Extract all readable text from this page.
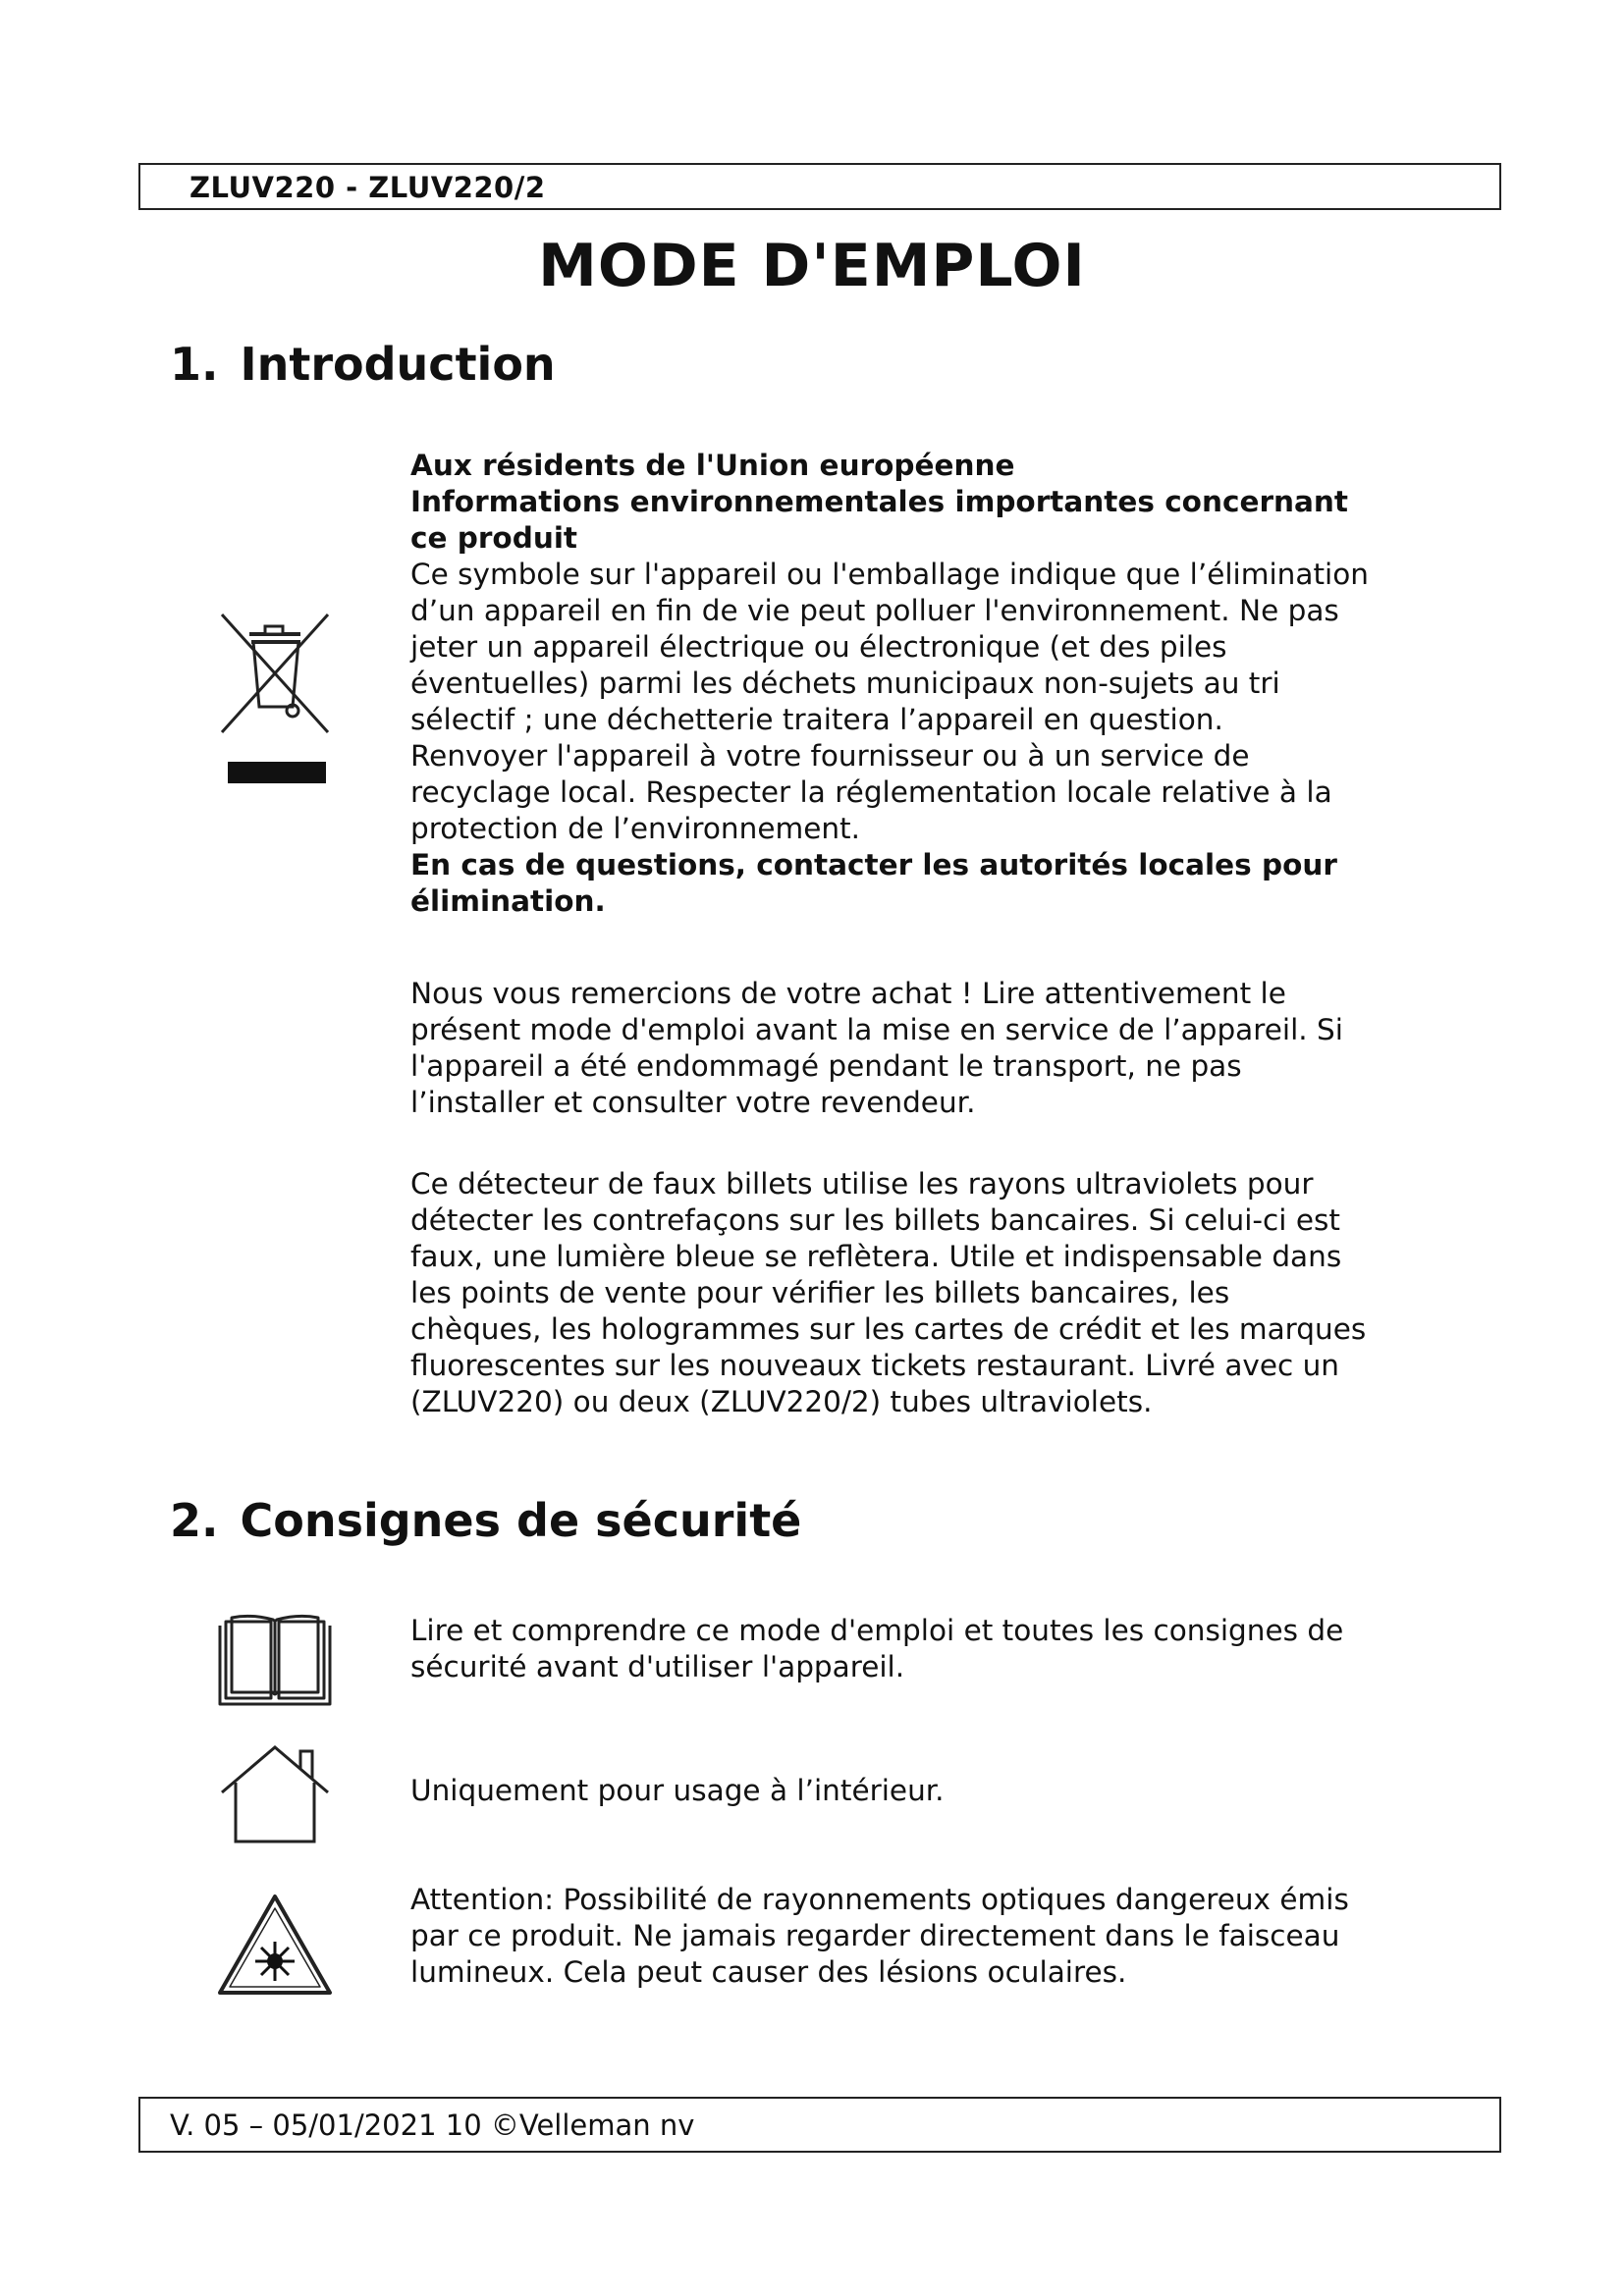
ZLUV220 - ZLUV220/2
MODE D'EMPLOI
1. Introduction
Aux résidents de l'Union européenne
Informations environnementales importantes concernant
ce produit
Ce symbole sur l'appareil ou l'emballage indique que l’élimination
d’un appareil en fin de vie peut polluer l'environnement. Ne pas
jeter un appareil électrique ou électronique (et des piles
éventuelles) parmi les déchets municipaux non-sujets au tri
sélectif ; une déchetterie traitera l’appareil en question.
Renvoyer l'appareil à votre fournisseur ou à un service de
recyclage local. Respecter la réglementation locale relative à la
protection de l’environnement.
En cas de questions, contacter les autorités locales pour
élimination.
Nous vous remercions de votre achat ! Lire attentivement le
présent mode d'emploi avant la mise en service de l’appareil. Si
l'appareil a été endommagé pendant le transport, ne pas
l’installer et consulter votre revendeur.
Ce détecteur de faux billets utilise les rayons ultraviolets pour
détecter les contrefaçons sur les billets bancaires. Si celui-ci est
faux, une lumière bleue se reflètera. Utile et indispensable dans
les points de vente pour vérifier les billets bancaires, les
chèques, les hologrammes sur les cartes de crédit et les marques
fluorescentes sur les nouveaux tickets restaurant. Livré avec un
(ZLUV220) ou deux (ZLUV220/2) tubes ultraviolets.
2. Consignes de sécurité
Lire et comprendre ce mode d'emploi et toutes les consignes de
sécurité avant d'utiliser l'appareil.
Uniquement pour usage à l’intérieur.
Attention: Possibilité de rayonnements optiques dangereux émis
par ce produit. Ne jamais regarder directement dans le faisceau
lumineux. Cela peut causer des lésions oculaires.
V. 05 – 05/01/2021 10 ©Velleman nv
